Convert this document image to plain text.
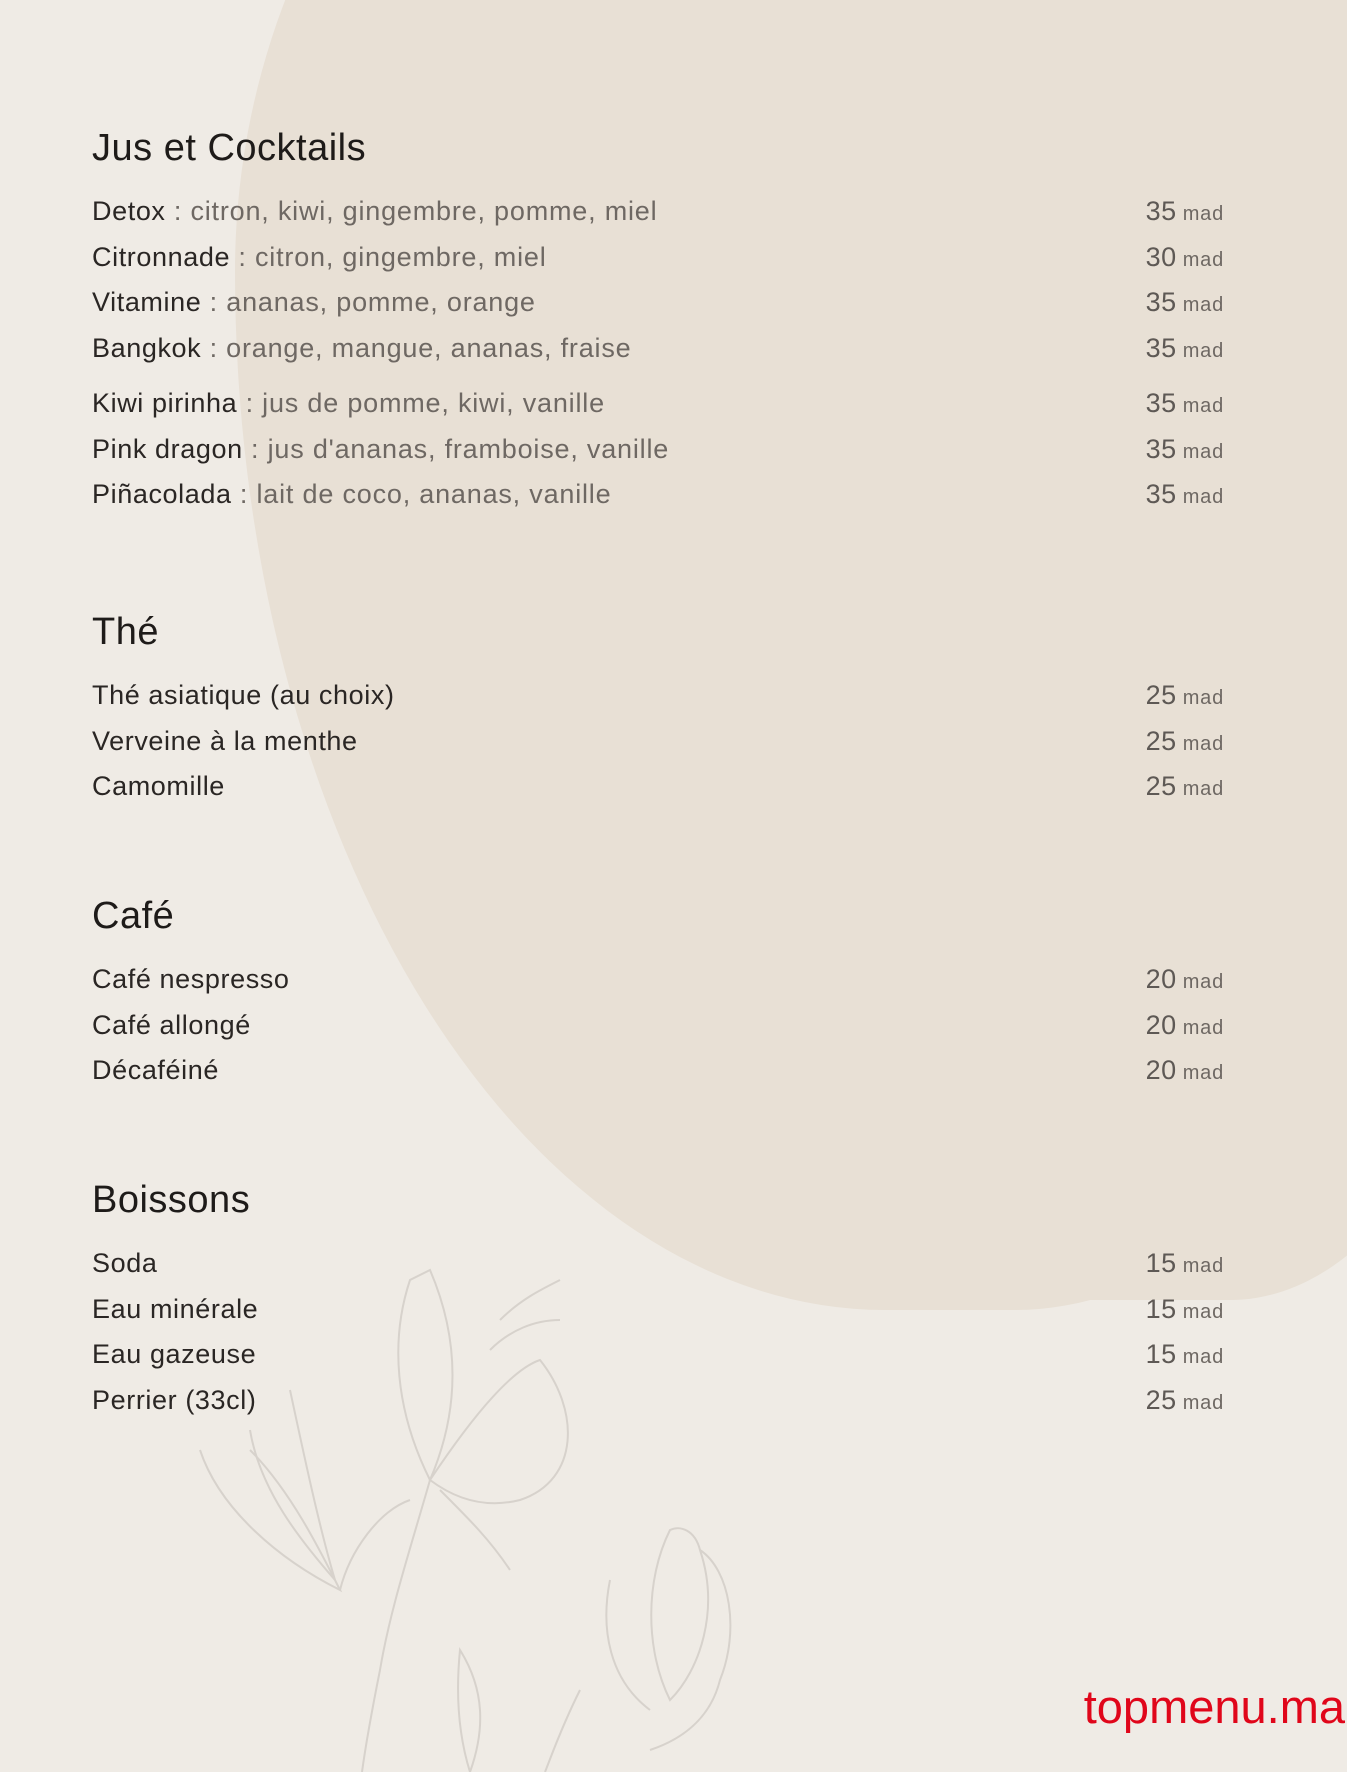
Jus et Cocktails
Detox : citron, kiwi, gingembre, pomme, miel	35 mad
Citronnade : citron, gingembre, miel	30 mad
Vitamine : ananas, pomme, orange	35 mad
Bangkok : orange, mangue, ananas, fraise	35 mad
Kiwi pirinha : jus de pomme, kiwi, vanille	35 mad
Pink dragon : jus d'ananas, framboise, vanille	35 mad
Piñacolada : lait de coco, ananas, vanille	35 mad
Thé
Thé asiatique (au choix)	25 mad
Verveine à la menthe	25 mad
Camomille	25 mad
Café
Café nespresso	20 mad
Café allongé	20 mad
Décaféiné	20 mad
Boissons
Soda	15 mad
Eau minérale	15 mad
Eau gazeuse	15 mad
Perrier (33cl)	25 mad
topmenu.ma
